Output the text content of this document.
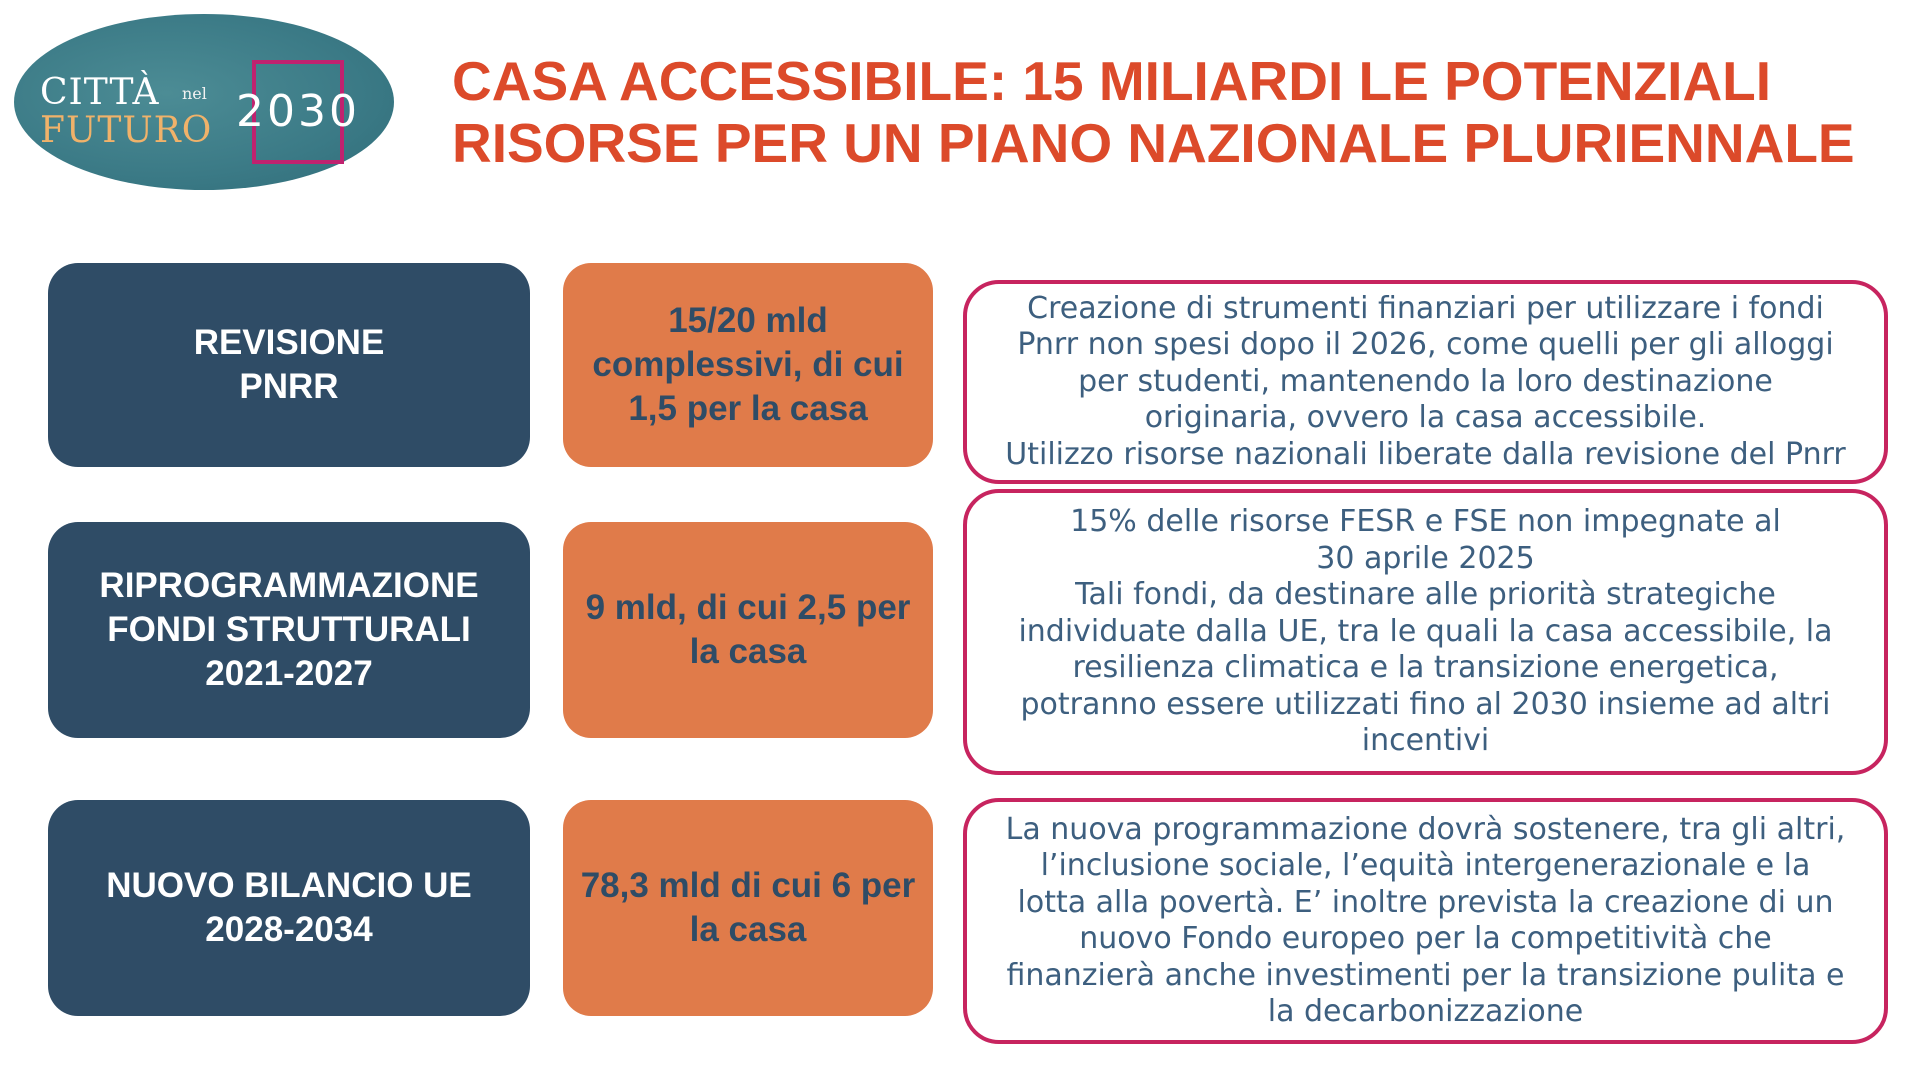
CITTÀ nel
FUTURO 2030 CASA ACCESSIBILE: 15 MILIARDI LE POTENZIALI
RISORSE PER UN PIANO NAZIONALE PLURIENNALE
REVISIONE
PNRR
15/20 mld complessivi, di cui 1,5 per la casa
Creazione di strumenti finanziari per utilizzare i fondi
Pnrr non spesi dopo il 2026, come quelli per gli alloggi
per studenti, mantenendo la loro destinazione
originaria, ovvero la casa accessibile.
Utilizzo risorse nazionali liberate dalla revisione del Pnrr
RIPROGRAMMAZIONE
FONDI STRUTTURALI
2021-2027
9 mld, di cui 2,5 per la casa
15% delle risorse FESR e FSE non impegnate al
30 aprile 2025
Tali fondi, da destinare alle priorità strategiche
individuate dalla UE, tra le quali la casa accessibile, la
resilienza climatica e la transizione energetica,
potranno essere utilizzati fino al 2030 insieme ad altri
incentivi
NUOVO BILANCIO UE
2028-2034
78,3 mld di cui 6 per la casa
La nuova programmazione dovrà sostenere, tra gli altri,
l’inclusione sociale, l’equità intergenerazionale e la
lotta alla povertà. E’ inoltre prevista la creazione di un
nuovo Fondo europeo per la competitività che
finanzierà anche investimenti per la transizione pulita e
la decarbonizzazione
